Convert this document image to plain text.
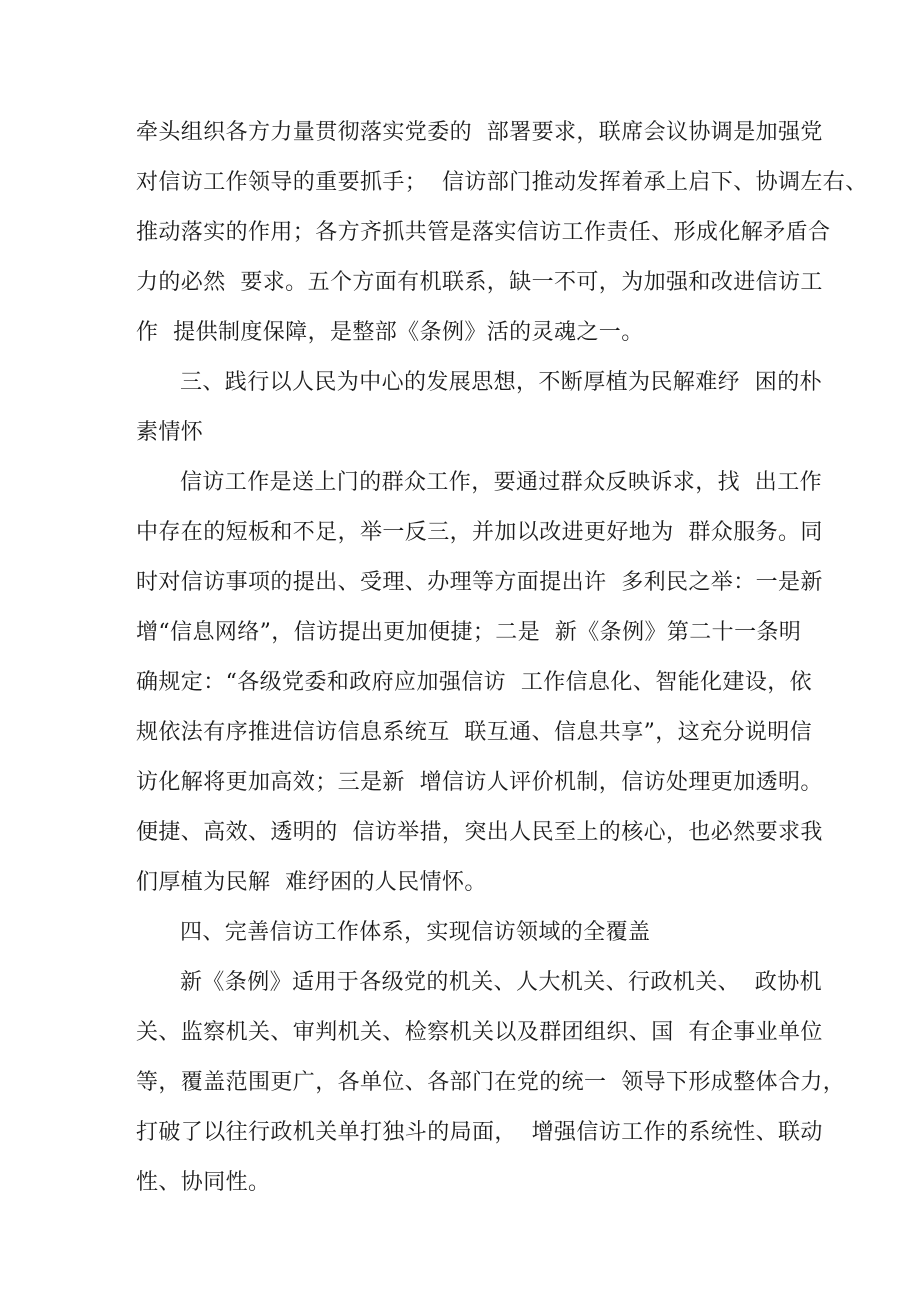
牵头组织各方力量贯彻落实党委的  部署要求，联席会议协调是加强党

对信访工作领导的重要抓手；  信访部门推动发挥着承上启下、协调左右、

推动落实的作用；各方齐抓共管是落实信访工作责任、形成化解矛盾合

力的必然  要求。五个方面有机联系，缺一不可，为加强和改进信访工

作  提供制度保障，是整部《条例》活的灵魂之一。

三、践行以人民为中心的发展思想，不断厚植为民解难纾  困的朴

素情怀

信访工作是送上门的群众工作，要通过群众反映诉求，找  出工作

中存在的短板和不足，举一反三，并加以改进更好地为  群众服务。同

时对信访事项的提出、受理、办理等方面提出许  多利民之举：一是新

增“信息网络”，信访提出更加便捷；二是  新《条例》第二十一条明

确规定：“各级党委和政府应加强信访  工作信息化、智能化建设，依

规依法有序推进信访信息系统互  联互通、信息共享”，这充分说明信

访化解将更加高效；三是新  增信访人评价机制，信访处理更加透明。

便捷、高效、透明的  信访举措，突出人民至上的核心，也必然要求我

们厚植为民解  难纾困的人民情怀。

四、完善信访工作体系，实现信访领域的全覆盖

新《条例》适用于各级党的机关、人大机关、行政机关、  政协机

关、监察机关、审判机关、检察机关以及群团组织、国  有企事业单位

等，覆盖范围更广，各单位、各部门在党的统一  领导下形成整体合力，

打破了以往行政机关单打独斗的局面，  增强信访工作的系统性、联动

性、协同性。
